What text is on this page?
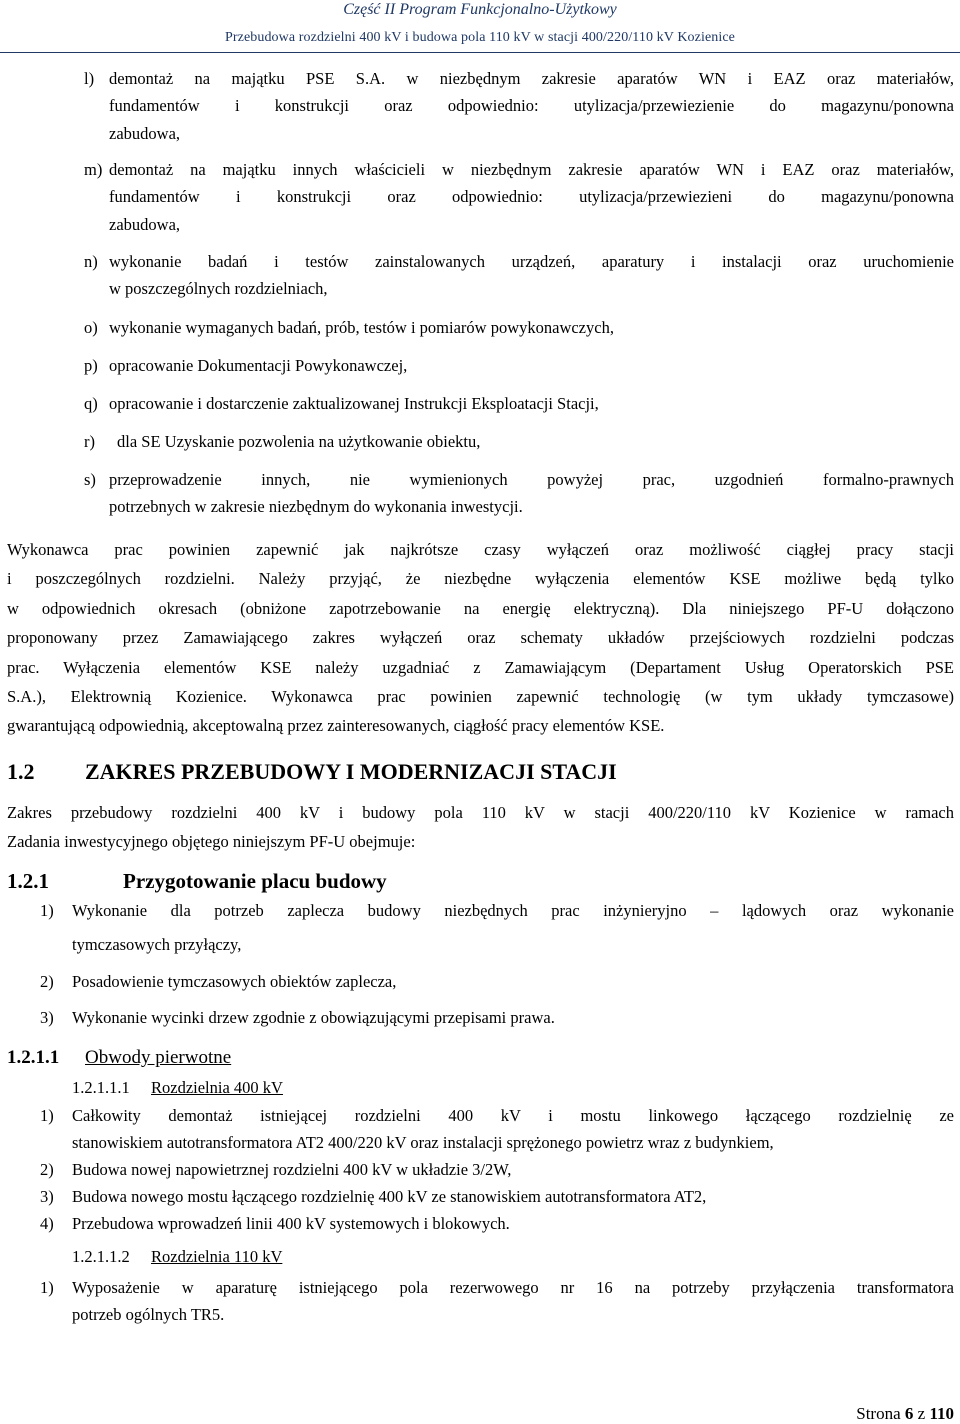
Część II Program Funkcjonalno-Użytkowy
Przebudowa rozdzielni 400 kV i budowa pola 110 kV w stacji 400/220/110 kV Kozienice
l) demontaż na majątku PSE S.A. w niezbędnym zakresie aparatów WN i EAZ oraz materiałów,
fundamentów i konstrukcji oraz odpowiednio: utylizacja/przewiezienie do magazynu/ponowna
zabudowa,
m) demontaż na majątku innych właścicieli w niezbędnym zakresie aparatów WN i EAZ oraz materiałów,
fundamentów i konstrukcji oraz odpowiednio: utylizacja/przewiezieni do magazynu/ponowna
zabudowa,
n) wykonanie badań i testów zainstalowanych urządzeń, aparatury i instalacji oraz uruchomienie
w poszczególnych rozdzielniach,
o) wykonanie wymaganych badań, prób, testów i pomiarów powykonawczych,
p) opracowanie Dokumentacji Powykonawczej,
q) opracowanie i dostarczenie zaktualizowanej Instrukcji Eksploatacji Stacji,
r) dla SE Uzyskanie pozwolenia na użytkowanie obiektu,
s) przeprowadzenie innych, nie wymienionych powyżej prac, uzgodnień formalno-prawnych
potrzebnych w zakresie niezbędnym do wykonania inwestycji.
Wykonawca prac powinien zapewnić jak najkrótsze czasy wyłączeń oraz możliwość ciągłej pracy stacji
i poszczególnych rozdzielni. Należy przyjąć, że niezbędne wyłączenia elementów KSE możliwe będą tylko
w odpowiednich okresach (obniżone zapotrzebowanie na energię elektryczną). Dla niniejszego PF-U dołączono
proponowany przez Zamawiającego zakres wyłączeń oraz schematy układów przejściowych rozdzielni podczas
prac. Wyłączenia elementów KSE należy uzgadniać z Zamawiającym (Departament Usług Operatorskich PSE
S.A.), Elektrownią Kozienice. Wykonawca prac powinien zapewnić technologię (w tym układy tymczasowe)
gwarantującą odpowiednią, akceptowalną przez zainteresowanych, ciągłość pracy elementów KSE.
1.2 ZAKRES PRZEBUDOWY I MODERNIZACJI STACJI
Zakres przebudowy rozdzielni 400 kV i budowy pola 110 kV w stacji 400/220/110 kV Kozienice w ramach
Zadania inwestycyjnego objętego niniejszym PF-U obejmuje:
1.2.1	Przygotowanie placu budowy
1) Wykonanie dla potrzeb zaplecza budowy niezbędnych prac inżynieryjno – lądowych oraz wykonanie
tymczasowych przyłączy,
2) Posadowienie tymczasowych obiektów zaplecza,
3) Wykonanie wycinki drzew zgodnie z obowiązującymi przepisami prawa.
1.2.1.1 Obwody pierwotne
1.2.1.1.1 Rozdzielnia 400 kV
1) Całkowity demontaż istniejącej rozdzielni 400 kV i mostu linkowego łączącego rozdzielnię ze
stanowiskiem autotransformatora AT2 400/220 kV oraz instalacji sprężonego powietrz wraz z budynkiem,
2) Budowa nowej napowietrznej rozdzielni 400 kV w układzie 3/2W,
3) Budowa nowego mostu łączącego rozdzielnię 400 kV ze stanowiskiem autotransformatora AT2,
4) Przebudowa wprowadzeń linii 400 kV systemowych i blokowych.
1.2.1.1.2 Rozdzielnia 110 kV
1) Wyposażenie w aparaturę istniejącego pola rezerwowego nr 16 na potrzeby przyłączenia transformatora
potrzeb ogólnych TR5.
Strona 6 z 110
